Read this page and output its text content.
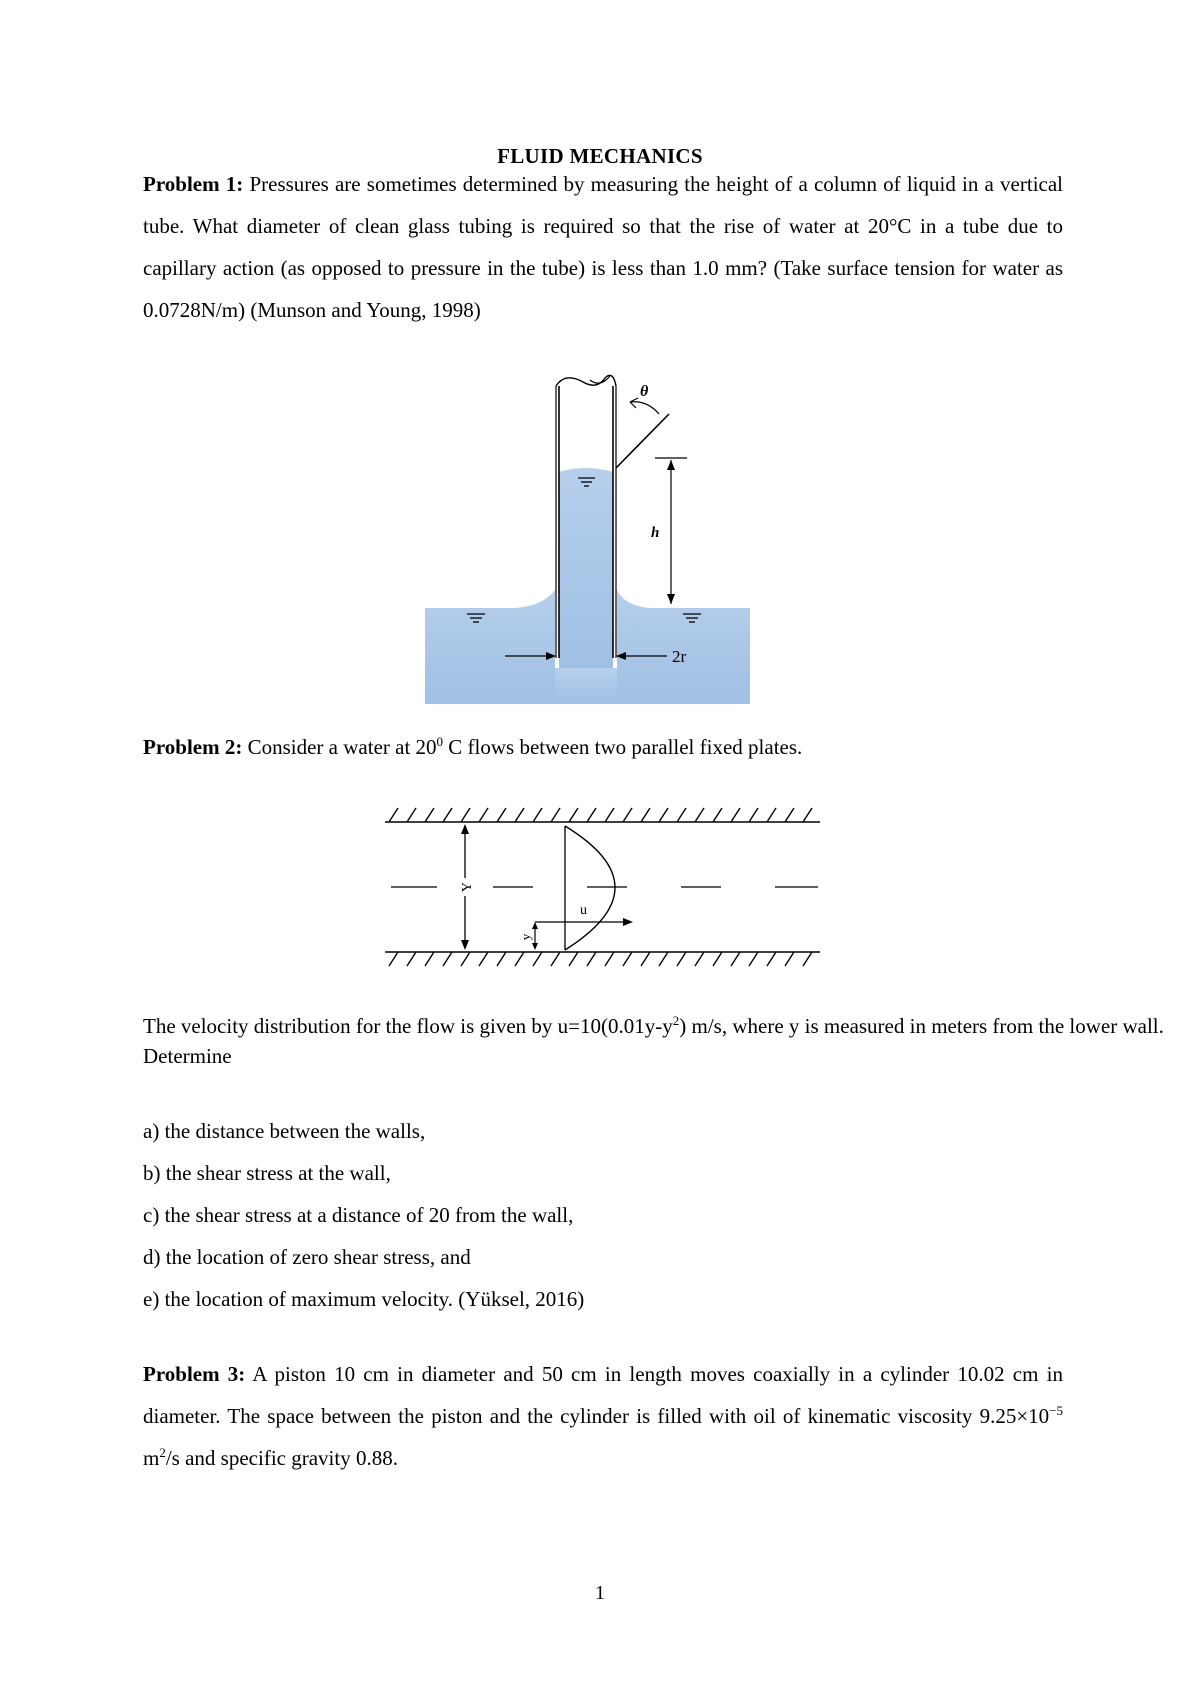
FLUID MECHANICS
Problem 1: Pressures are sometimes determined by measuring the height of a column of liquid in a vertical tube. What diameter of clean glass tubing is required so that the rise of water at 20°C in a tube due to capillary action (as opposed to pressure in the tube) is less than 1.0 mm? (Take surface tension for water as 0.0728N/m) (Munson and Young, 1998)
θ
h
2r
Problem 2: Consider a water at $20^0$ C flows between two parallel fixed plates.
Y
u
y
The velocity distribution for the flow is given by $u=10(0.01y-y^2)$ m/s, where y is measured in meters from the lower wall. Determine
a) the distance between the walls,
b) the shear stress at the wall,
c) the shear stress at a distance of 20 from the wall,
d) the location of zero shear stress, and
e) the location of maximum velocity. (Yüksel, 2016)
Problem 3: A piston 10 cm in diameter and 50 cm in length moves coaxially in a cylinder 10.02 cm in diameter. The space between the piston and the cylinder is filled with oil of kinematic viscosity $9.25\times 10^{-5}$ $m^2/s$ and specific gravity 0.88.
1
